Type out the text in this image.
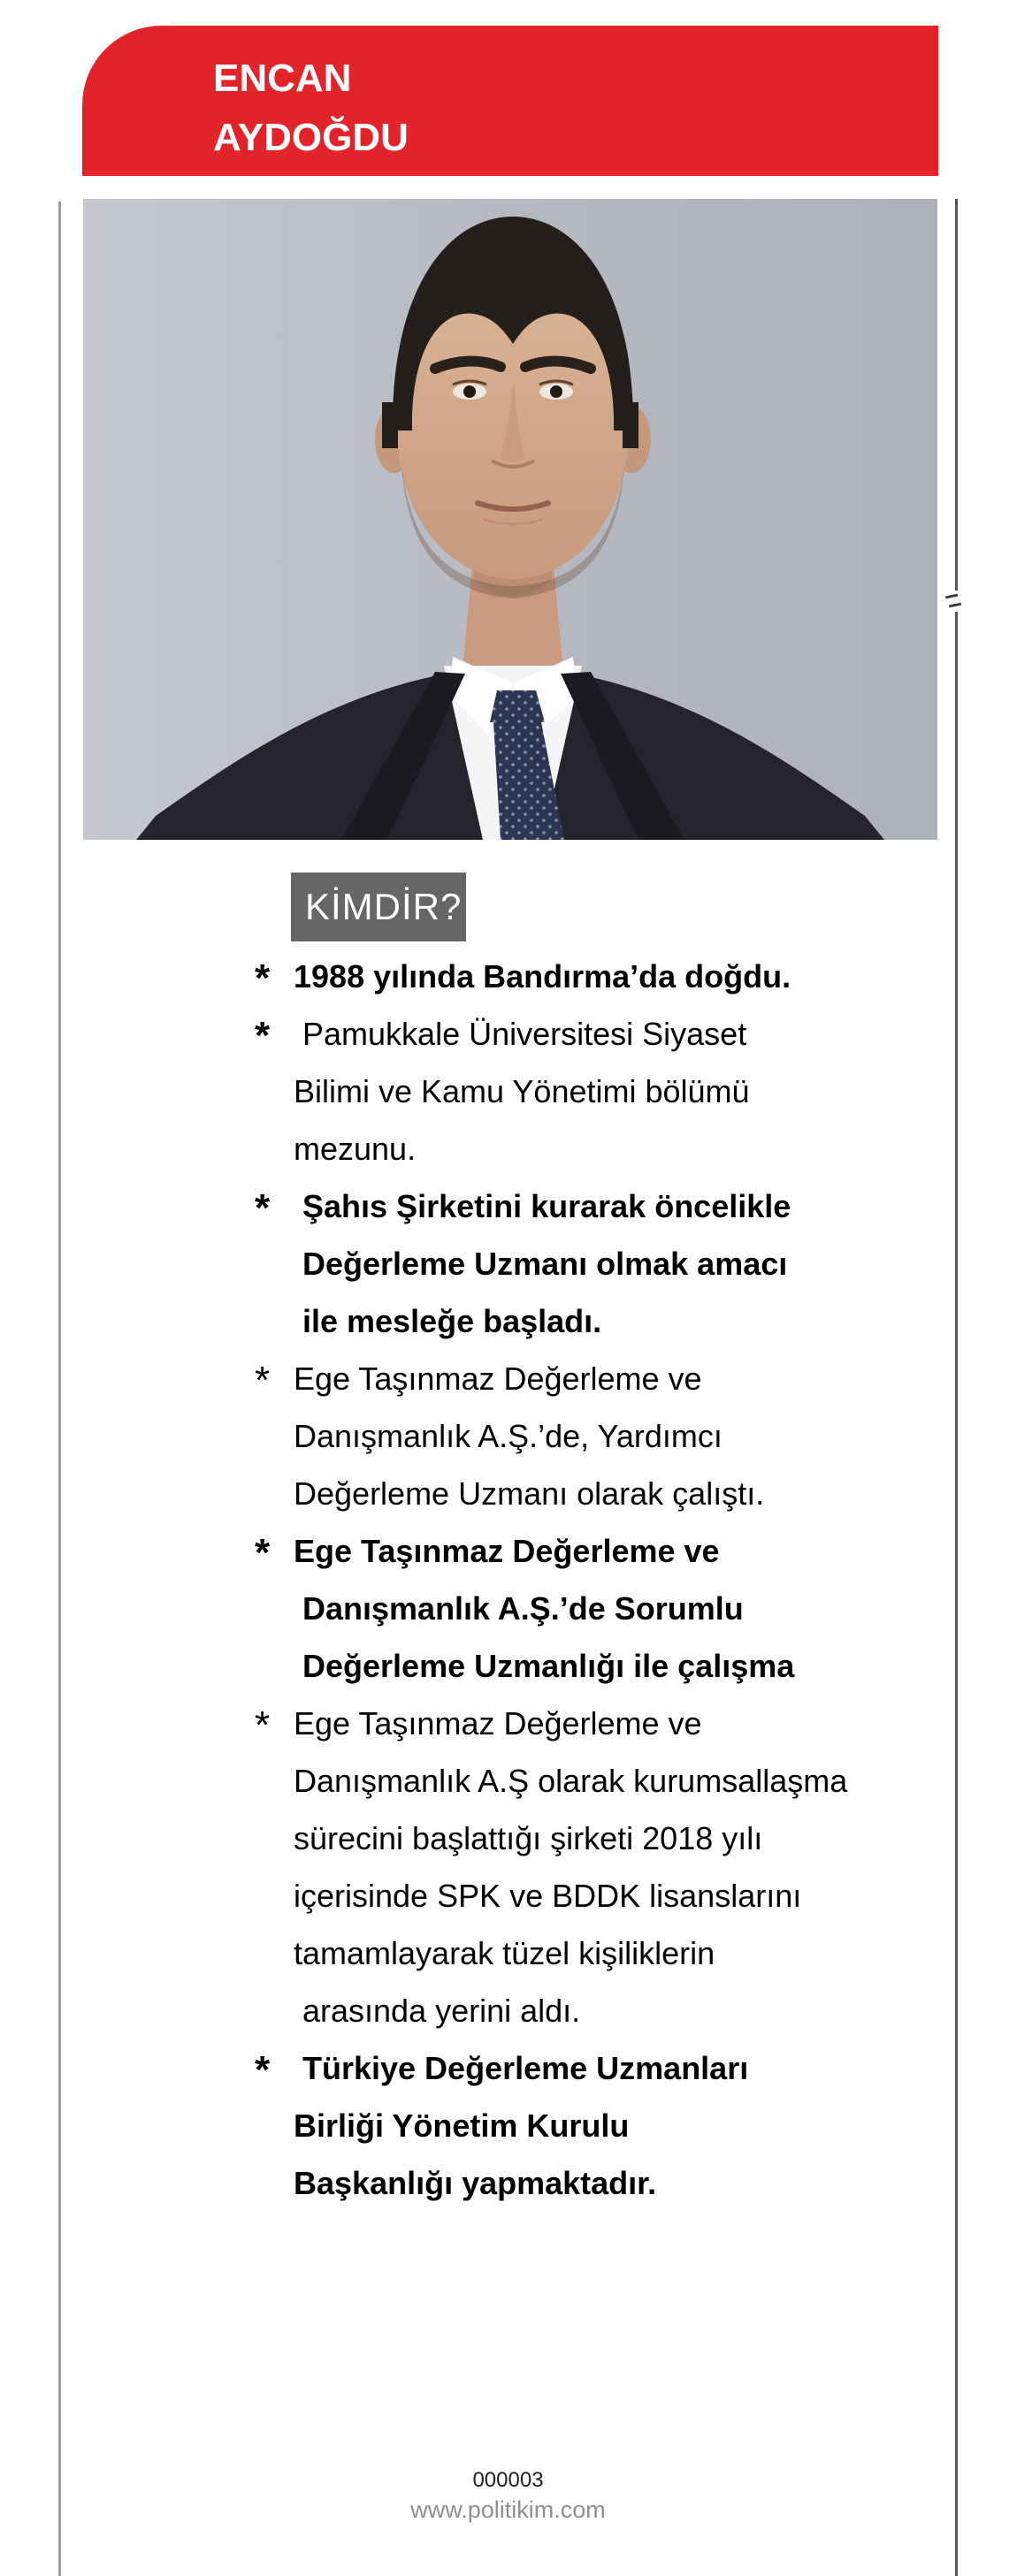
ENCAN
AYDOĞDU
KİMDİR?
* 1988 yılında Bandırma’da doğdu.
* Pamukkale Üniversitesi Siyaset
Bilimi ve Kamu Yönetimi bölümü
mezunu.
* Şahıs Şirketini kurarak öncelikle
Değerleme Uzmanı olmak amacı
ile mesleğe başladı.
* Ege Taşınmaz Değerleme ve
Danışmanlık A.Ş.’de, Yardımcı
Değerleme Uzmanı olarak çalıştı.
* Ege Taşınmaz Değerleme ve
Danışmanlık A.Ş.’de Sorumlu
Değerleme Uzmanlığı ile çalışma
* Ege Taşınmaz Değerleme ve
Danışmanlık A.Ş olarak kurumsallaşma
sürecini başlattığı şirketi 2018 yılı
içerisinde SPK ve BDDK lisanslarını
tamamlayarak tüzel kişiliklerin
arasında yerini aldı.
* Türkiye Değerleme Uzmanları
Birliği Yönetim Kurulu
Başkanlığı yapmaktadır.
000003
www.politikim.com
